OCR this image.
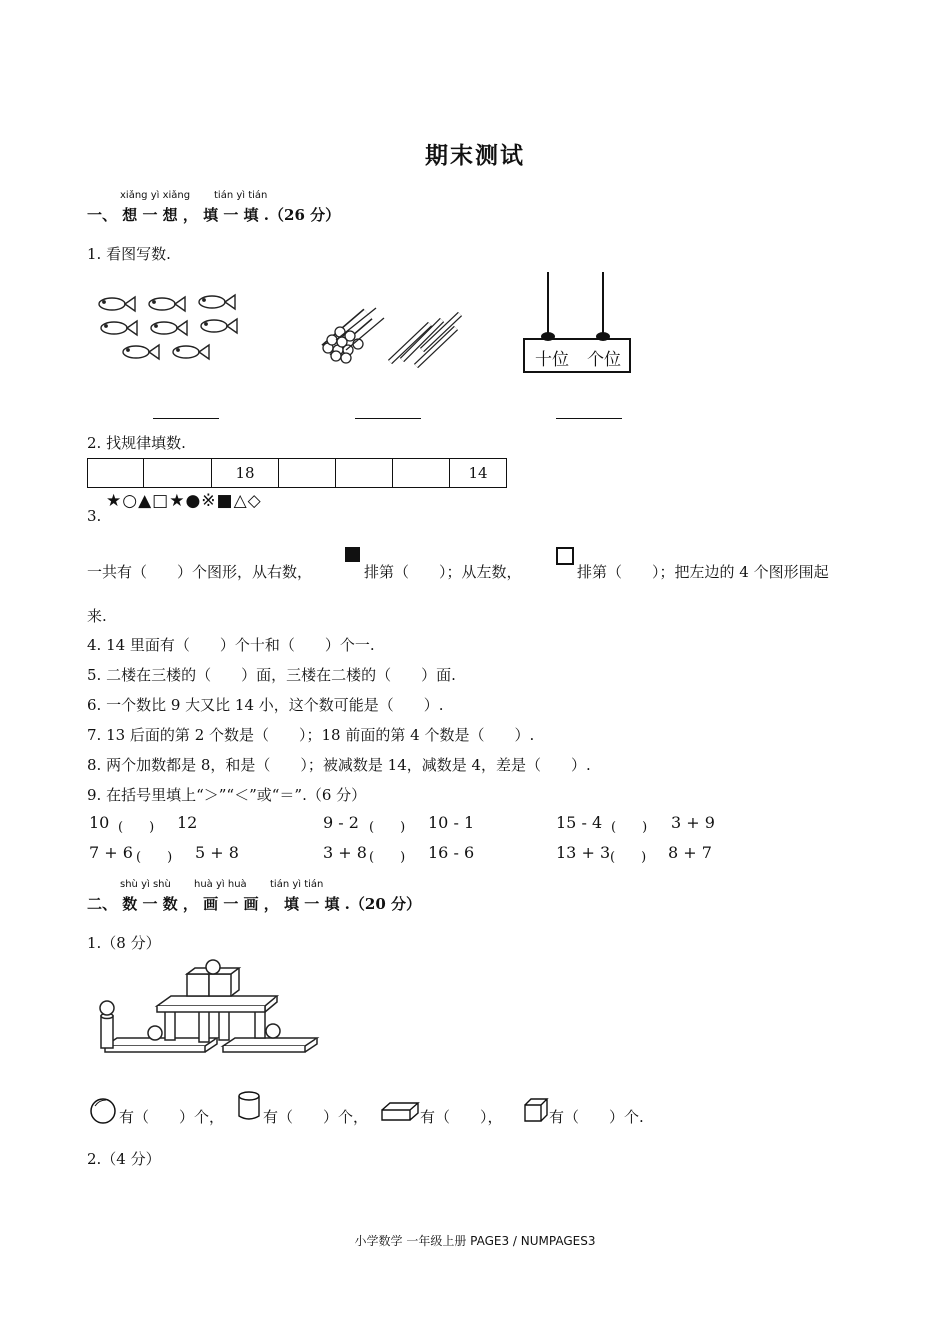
期末测试
xiǎng yì xiǎng tián yì tián
一、 想 一 想 ， 填 一 填 .（26 分）
1. 看图写数.
十位 个位
2. 找规律填数.
		18				14
★○▲□★●※■△◇
3.
一共有（　　）个图形，从右数，	排第（　　）；从左数，	排第（　　）；把左边的 4 个图形围起
来.
4. 14 里面有（　　）个十和（　　）个一.
5. 二楼在三楼的（　　）面，三楼在二楼的（　　）面.
6. 一个数比 9 大又比 14 小，这个数可能是（　　）.
7. 13 后面的第 2 个数是（　　）；18 前面的第 4 个数是（　　）.
8. 两个加数都是 8，和是（　　）；被减数是 14，减数是 4，差是（　　）.
9. 在括号里填上“＞”“＜”或“＝”.（6 分）
10 (　　) 12	9 - 2 (　　) 10 - 1	15 - 4 (　　) 3 + 9
7 + 6 (　　) 5 + 8	3 + 8 (　　) 16 - 6	13 + 3 (　　) 8 + 7
shù yì shù huà yì huà tián yì tián
二、 数 一 数 ， 画 一 画 ， 填 一 填 .（20 分）
1.（8 分）
有（　　）个，	有（　　）个，	有（　　），	有（　　）个.
2.（4 分）
小学数学 一年级上册 PAGE3 / NUMPAGES3
